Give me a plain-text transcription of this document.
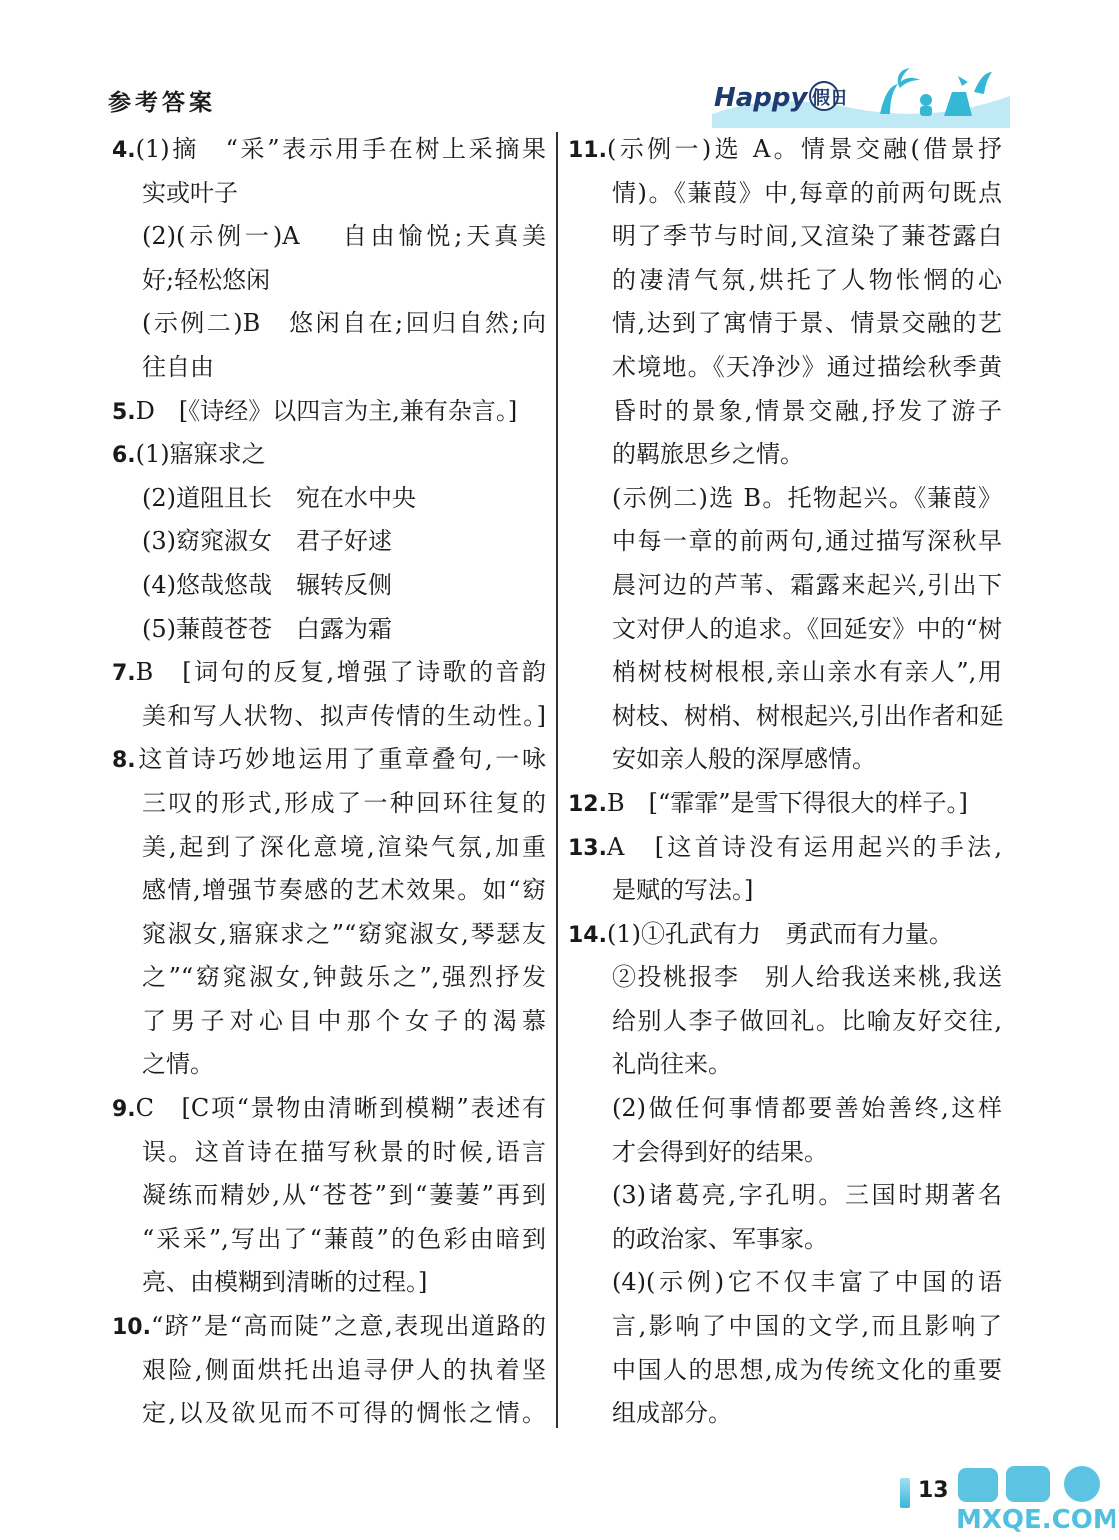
参考答案	Happy 假日
4.(1)摘　“采”表示用手在树上采摘果
实或叶子
(2)(示例一)A　 自由愉悦;天真美
好;轻松悠闲
(示例二)B　悠闲自在;回归自然;向
往自由
5.D　[《诗经》以四言为主,兼有杂言。]
6.(1)寤寐求之
(2)道阻且长　宛在水中央
(3)窈窕淑女　君子好逑
(4)悠哉悠哉　辗转反侧
(5)蒹葭苍苍　白露为霜
7.B　[词句的反复,增强了诗歌的音韵
美和写人状物、拟声传情的生动性。]
8.这首诗巧妙地运用了重章叠句,一咏
三叹的形式,形成了一种回环往复的
美,起到了深化意境,渲染气氛,加重
感情,增强节奏感的艺术效果。如“窈
窕淑女,寤寐求之”“窈窕淑女,琴瑟友
之”“窈窕淑女,钟鼓乐之”,强烈抒发
了男子对心目中那个女子的渴慕
之情。
9.C　[C项“景物由清晰到模糊”表述有
误。这首诗在描写秋景的时候,语言
凝练而精妙,从“苍苍”到“萋萋”再到
“采采”,写出了“蒹葭”的色彩由暗到
亮、由模糊到清晰的过程。]
10.“跻”是“高而陡”之意,表现出道路的
艰险,侧面烘托出追寻伊人的执着坚
定,以及欲见而不可得的惆怅之情。
11.(示例一)选 A。情景交融(借景抒
情)。《蒹葭》中,每章的前两句既点
明了季节与时间,又渲染了蒹苍露白
的凄清气氛,烘托了人物怅惘的心
情,达到了寓情于景、情景交融的艺
术境地。《天净沙》通过描绘秋季黄
昏时的景象,情景交融,抒发了游子
的羁旅思乡之情。
(示例二)选 B。托物起兴。《蒹葭》
中每一章的前两句,通过描写深秋早
晨河边的芦苇、霜露来起兴,引出下
文对伊人的追求。《回延安》中的“树
梢树枝树根根,亲山亲水有亲人”,用
树枝、树梢、树根起兴,引出作者和延
安如亲人般的深厚感情。
12.B　[“霏霏”是雪下得很大的样子。]
13.A　[这首诗没有运用起兴的手法,
是赋的写法。]
14.(1)①孔武有力　勇武而有力量。
②投桃报李　别人给我送来桃,我送
给别人李子做回礼。比喻友好交往,
礼尚往来。
(2)做任何事情都要善始善终,这样
才会得到好的结果。
(3)诸葛亮,字孔明。三国时期著名
的政治家、军事家。
(4)(示例)它不仅丰富了中国的语
言,影响了中国的文学,而且影响了
中国人的思想,成为传统文化的重要
组成部分。
13
MXQE.COM
